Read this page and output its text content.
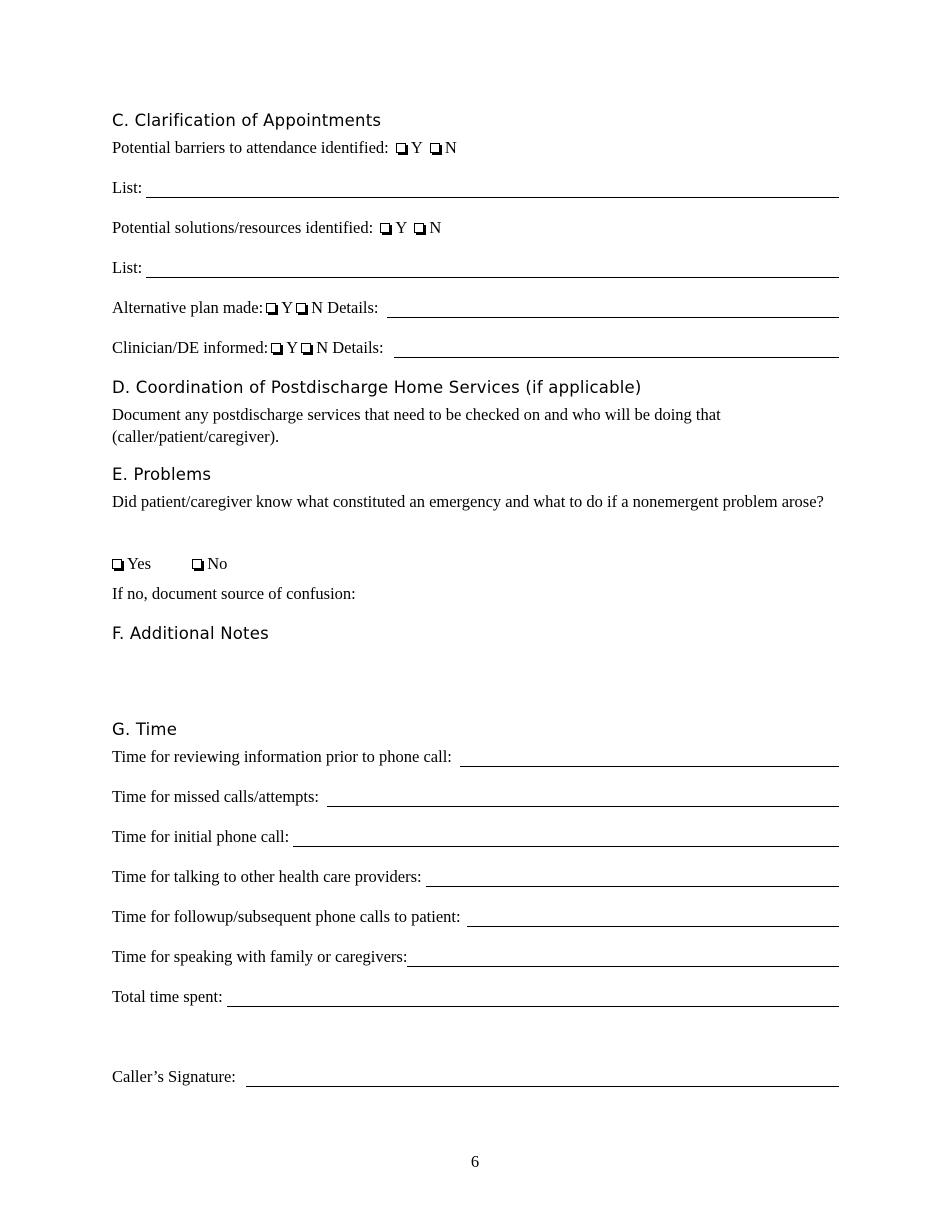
C. Clarification of Appointments
Potential barriers to attendance identified: Y N
List:
Potential solutions/resources identified: Y N
List:
Alternative plan made:	Y	N
Details:
Clinician/DE informed:	Y	N
Details:
D. Coordination of Postdischarge Home Services (if applicable)
Document any postdischarge services that need to be checked on and who will be doing that (caller/patient/caregiver).
E. Problems
Did patient/caregiver know what constituted an emergency and what to do if a nonemergent problem arose?
Yes	No
If no, document source of confusion:
F. Additional Notes
G. Time
Time for reviewing information prior to phone call:
Time for missed calls/attempts:
Time for initial phone call:
Time for talking to other health care providers:
Time for followup/subsequent phone calls to patient:
Time for speaking with family or caregivers:
Total time spent:
Caller’s Signature:
6
